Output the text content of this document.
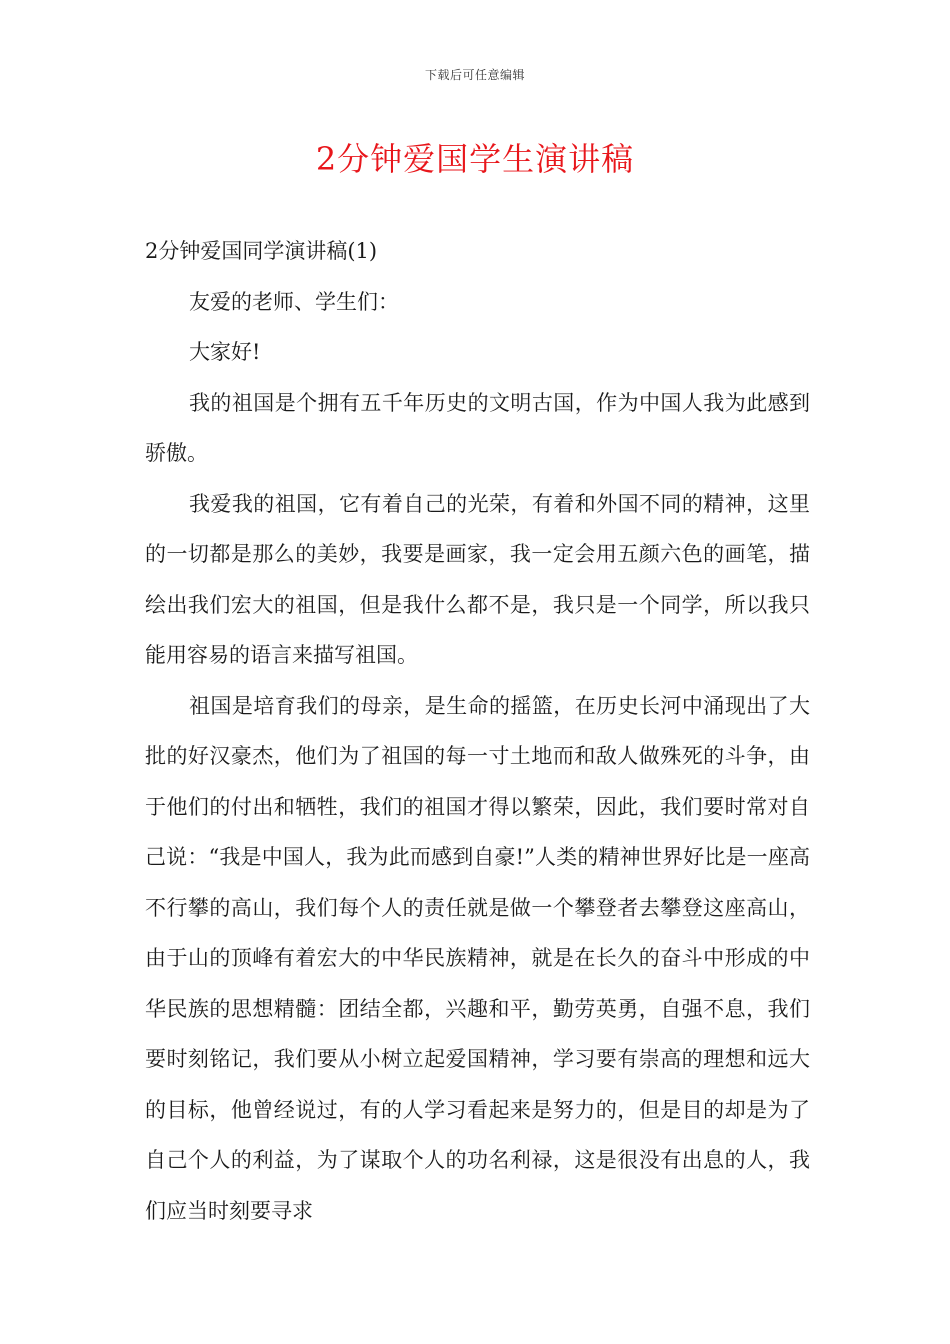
下载后可任意编辑
2分钟爱国学生演讲稿

2分钟爱国同学演讲稿(1)

友爱的老师、学生们：

大家好!

我的祖国是个拥有五千年历史的文明古国，作为中国人我为此感到骄傲。

我爱我的祖国，它有着自己的光荣，有着和外国不同的精神，这里的一切都是那么的美妙，我要是画家，我一定会用五颜六色的画笔，描绘出我们宏大的祖国，但是我什么都不是，我只是一个同学，所以我只能用容易的语言来描写祖国。

祖国是培育我们的母亲，是生命的摇篮，在历史长河中涌现出了大批的好汉豪杰，他们为了祖国的每一寸土地而和敌人做殊死的斗争，由于他们的付出和牺牲，我们的祖国才得以繁荣，因此，我们要时常对自己说：“我是中国人，我为此而感到自豪!”人类的精神世界好比是一座高不行攀的高山，我们每个人的责任就是做一个攀登者去攀登这座高山，由于山的顶峰有着宏大的中华民族精神，就是在长久的奋斗中形成的中华民族的思想精髓：团结全都，兴趣和平，勤劳英勇，自强不息，我们要时刻铭记，我们要从小树立起爱国精神，学习要有崇高的理想和远大的目标，他曾经说过，有的人学习看起来是努力的，但是目的却是为了自己个人的利益，为了谋取个人的功名利禄，这是很没有出息的人，我们应当时刻要寻求
